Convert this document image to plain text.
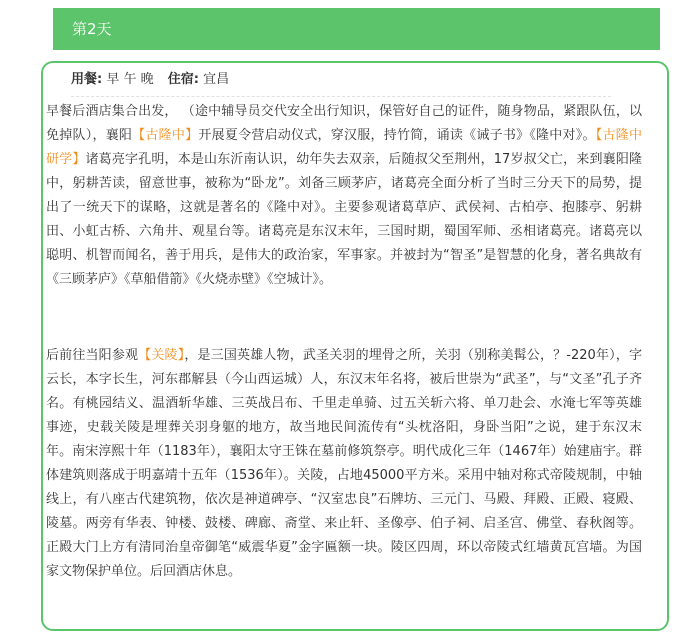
第2天
用餐: 早 午 晚 住宿: 宜昌

早餐后酒店集合出发， （途中辅导员交代安全出行知识，保管好自己的证件，随身物品，紧跟队伍，以免掉队），襄阳【古隆中】开展夏令营启动仪式，穿汉服，持竹简，诵读《诫子书》《隆中对》。【古隆中研学】诸葛亮字孔明，本是山东沂南认识，幼年失去双亲，后随叔父至荆州，17岁叔父亡，来到襄阳隆中，躬耕苦读，留意世事，被称为“卧龙”。刘备三顾茅庐，诸葛亮全面分析了当时三分天下的局势，提出了一统天下的谋略，这就是著名的《隆中对》。主要参观诸葛草庐、武侯祠、古柏亭、抱膝亭、躬耕田、小虹古桥、六角井、观星台等。诸葛亮是东汉末年，三国时期，蜀国军师、丞相诸葛亮。诸葛亮以聪明、机智而闻名，善于用兵，是伟大的政治家，军事家。并被封为“智圣”是智慧的化身，著名典故有《三顾茅庐》《草船借箭》《火烧赤壁》《空城计》。

后前往当阳参观【关陵】，是三国英雄人物，武圣关羽的埋骨之所，关羽（别称美髯公，？-220年），字云长，本字长生，河东郡解县（今山西运城）人，东汉末年名将，被后世崇为“武圣”，与“文圣”孔子齐名。有桃园结义、温酒斩华雄、三英战吕布、千里走单骑、过五关斩六将、单刀赴会、水淹七军等英雄事迹，史载关陵是埋葬关羽身躯的地方，故当地民间流传有“头枕洛阳，身卧当阳”之说，建于东汉末年。南宋淳熙十年（1183年），襄阳太守王铢在墓前修筑祭亭。明代成化三年（1467年）始建庙宇。群体建筑则落成于明嘉靖十五年（1536年）。关陵，占地45000平方米。采用中轴对称式帝陵规制，中轴线上，有八座古代建筑物，依次是神道碑亭、“汉室忠良”石牌坊、三元门、马殿、拜殿、正殿、寝殿、陵墓。两旁有华表、钟楼、鼓楼、碑廊、斋堂、来止轩、圣像亭、伯子祠、启圣宫、佛堂、春秋阁等。正殿大门上方有清同治皇帝御笔“威震华夏”金字匾额一块。陵区四周，环以帝陵式红墙黄瓦宫墙。为国家文物保护单位。后回酒店休息。
